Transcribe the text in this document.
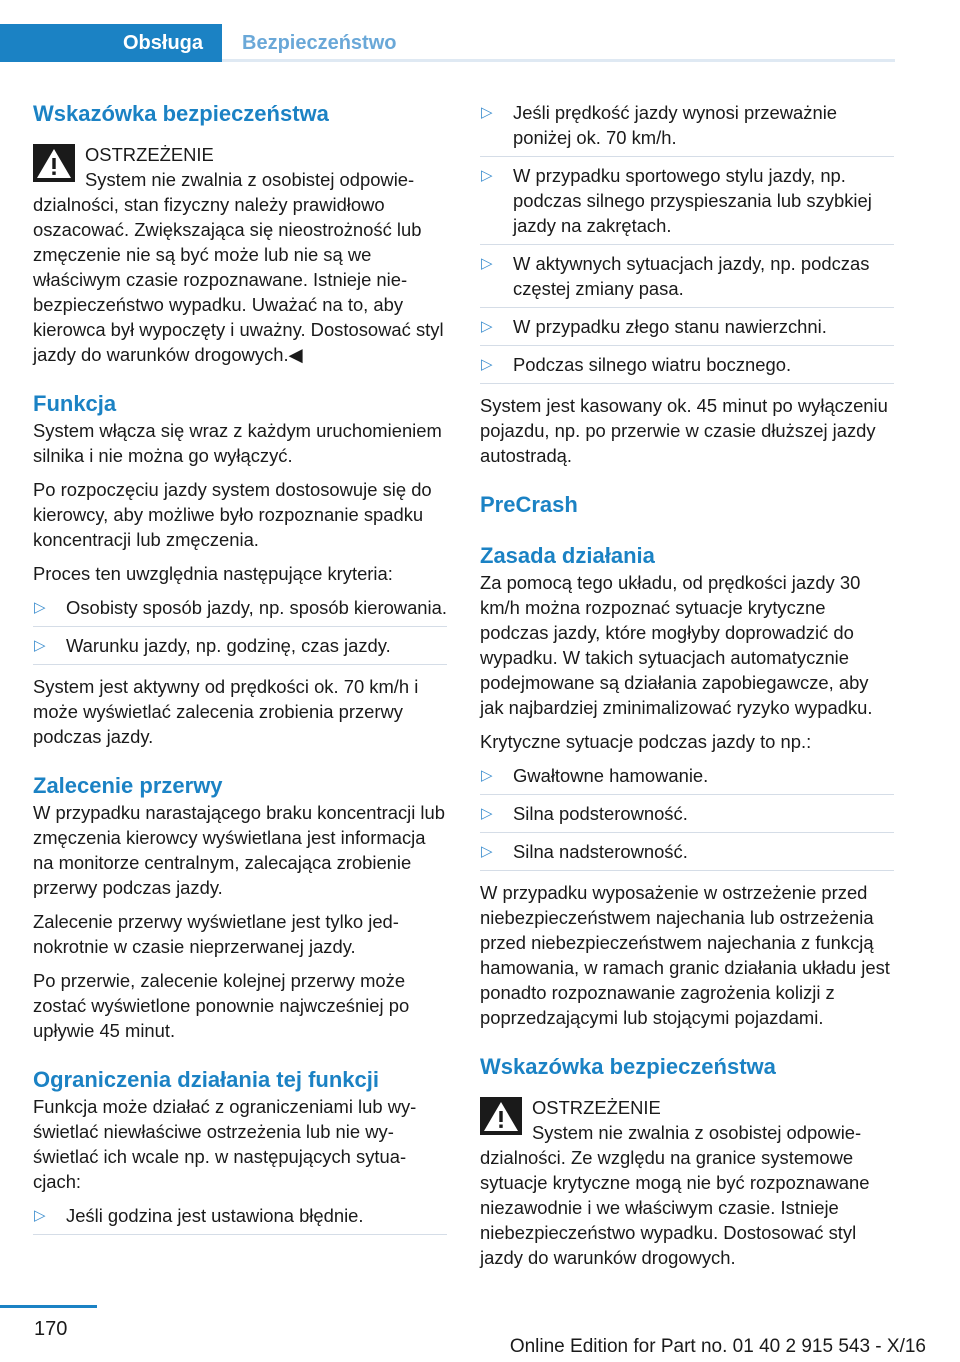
Obsługa	Bezpieczeństwo
Wskazówka bezpieczeństwa
OSTRZEŻENIE

System nie zwalnia z osobistej odpowiedzialności, stan fizyczny należy prawidłowo oszacować. Zwiększająca się nieostrożność lub zmęczenie nie są być może lub nie są we właściwym czasie rozpoznawane. Istnieje niebezpieczeństwo wypadku. Uważać na to, aby kierowca był wypoczęty i uważny. Dostosować styl jazdy do warunków drogowych.◀

Funkcja

System włącza się wraz z każdym uruchomieniem silnika i nie można go wyłączyć.

Po rozpoczęciu jazdy system dostosowuje się do kierowcy, aby możliwe było rozpoznanie spadku koncentracji lub zmęczenia.

Proces ten uwzględnia następujące kryteria:

▷ Osobisty sposób jazdy, np. sposób kierowania.
▷ Warunku jazdy, np. godzinę, czas jazdy.

System jest aktywny od prędkości ok. 70 km/h i może wyświetlać zalecenia zrobienia przerwy podczas jazdy.

Zalecenie przerwy

W przypadku narastającego braku koncentracji lub zmęczenia kierowcy wyświetlana jest informacja na monitorze centralnym, zalecająca zrobienie przerwy podczas jazdy.

Zalecenie przerwy wyświetlane jest tylko jednokrotnie w czasie nieprzerwanej jazdy.

Po przerwie, zalecenie kolejnej przerwy może zostać wyświetlone ponownie najwcześniej po upływie 45 minut.

Ograniczenia działania tej funkcji

Funkcja może działać z ograniczeniami lub wyświetlać niewłaściwe ostrzeżenia lub nie wyświetlać ich wcale np. w następujących sytuacjach:

▷ Jeśli godzina jest ustawiona błędnie.
▷ Jeśli prędkość jazdy wynosi przeważnie poniżej ok. 70 km/h.
▷ W przypadku sportowego stylu jazdy, np. podczas silnego przyspieszania lub szybkiej jazdy na zakrętach.
▷ W aktywnych sytuacjach jazdy, np. podczas częstej zmiany pasa.
▷ W przypadku złego stanu nawierzchni.
▷ Podczas silnego wiatru bocznego.

System jest kasowany ok. 45 minut po wyłączeniu pojazdu, np. po przerwie w czasie dłuższej jazdy autostradą.

PreCrash
Zasada działania

Za pomocą tego układu, od prędkości jazdy 30 km/h można rozpoznać sytuacje krytyczne podczas jazdy, które mogłyby doprowadzić do wypadku. W takich sytuacjach automatycznie podejmowane są działania zapobiegawcze, aby jak najbardziej zminimalizować ryzyko wypadku.

Krytyczne sytuacje podczas jazdy to np.:

▷ Gwałtowne hamowanie.
▷ Silna podsterowność.
▷ Silna nadsterowność.

W przypadku wyposażenie w ostrzeżenie przed niebezpieczeństwem najechania lub ostrzeżenia przed niebezpieczeństwem najechania z funkcją hamowania, w ramach granic działania układu jest ponadto rozpoznawanie zagrożenia kolizji z poprzedzającymi lub stojącymi pojazdami.

Wskazówka bezpieczeństwa
OSTRZEŻENIE

System nie zwalnia z osobistej odpowiedzialności. Ze względu na granice systemowe sytuacje krytyczne mogą nie być rozpoznawane niezawodnie i we właściwym czasie. Istnieje niebezpieczeństwo wypadku. Dostosować styl jazdy do warunków drogowych.

170
Online Edition for Part no. 01 40 2 915 543 - X/16
